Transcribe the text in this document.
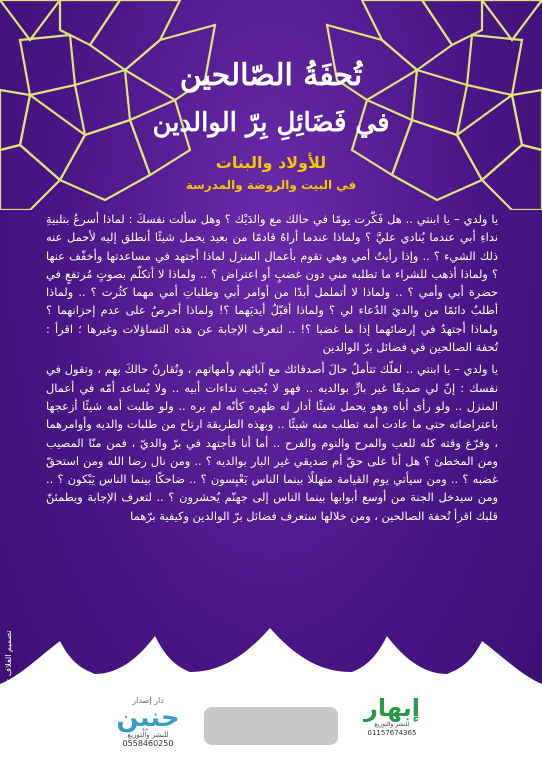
تُحفَةُ الصّالحين
في فَضَائِلِ بِرّ الوالدين
للأولاد والبنات
في البيت والروضة والمدرسة

يا ولدي – يا ابنتي .. هل فَكّرت يومًا في حالك مع والدَيْك ؟ وهل سألت نفسكَ : لماذا أسرعُ بتلبيةِ نداءِ أبي عندما يُنادي عليَّ ؟ ولماذا عندما أراهُ قادمًا من بعيد يحمل شيئًا أنطلق إليه لأحمل عنه ذلك الشيء ؟ .. وإذا رأيتُ أمي وهي تقوم بأعمال المنزل لماذا أجتهد في مساعدتها وأخفّف عنها ؟ ولماذا أذهب للشراء ما تطلبه مني دون غضبٍ أو اعتراض ؟ .. ولماذا لا أتكلّم بصوتٍ مُرتفعٍ في حضرة أبي وأمي ؟ .. ولماذا لا أتململ أبدًا من أوامر أبي وطلباتِ أمي مهما كثُرت ؟ .. ولماذا أطلبُ دائمًا من والديَ الدُعاء لي ؟ ولماذا أقبّلُ أيديَهما ؟! ولماذا أحرصُ على عدم إحزانهما ؟ ولماذا أجتهدُ في إرضائهما إذا ما غضبا ؟! .. لتعرف الإجابة عن هذه التساؤلات وغيرها ؛ اقرأ : تُحفة الصالحين في فضائل برّ الوالدين

يا ولدي – يا ابنتي .. لعلّك تتأملُ حالَ أصدقائك مع آبائهم وأمهاتهم ، وتُقارنُ حالكَ بهم ، وتقول في نفسك : إنّ لي صديقًا غير بارٍّ بوالديه .. فهو لا يُجيب نداءات أبيه .. ولا يُساعد أمّه في أعمال المنزل .. ولو رأى أباه وهو يحمل شيئًا أدار له ظهره كأنّه لم يره .. ولو طلبت أمه شيئًا أزعجها باعتراضاته حتى ما عادت أمه تطلب منه شيئًا .. وبهذه الطريقة ارتاح من طلبات والديه وأوامرهما ، وفرّغ وقته كله للعب والمرح والنوم والفرح .. أما أنا فأجتهد في برّ والديّ ، فمن منّا المصيب ومن المخطئ ؟ هل أنا على حقّ أم صديقي غير البار بوالديه ؟ .. ومن نال رضا الله ومن استحقّ غضبه ؟ .. ومن سيأتي يوم القيامة متهللًا بينما الناس يَعْبِسون ؟ .. ضاحكًا بينما الناس يَبْكون ؟ .. ومن سيدخل الجنة من أوسع أبوابها بينما الناس إلى جهنّم يُحشرون ؟ .. لتعرف الإجابة ويطمئنّ قلبك اقرأ تُحفة الصالحين ، ومن خلالها ستعرف فضائل برّ الوالدين وكيفية برّهما

تصميم الغلاف : شريف عبدالله	دار إصدار
حنين
للنشر والتوزيع
0558460250
إبهار
للنشر والتوزيع
01157674365
